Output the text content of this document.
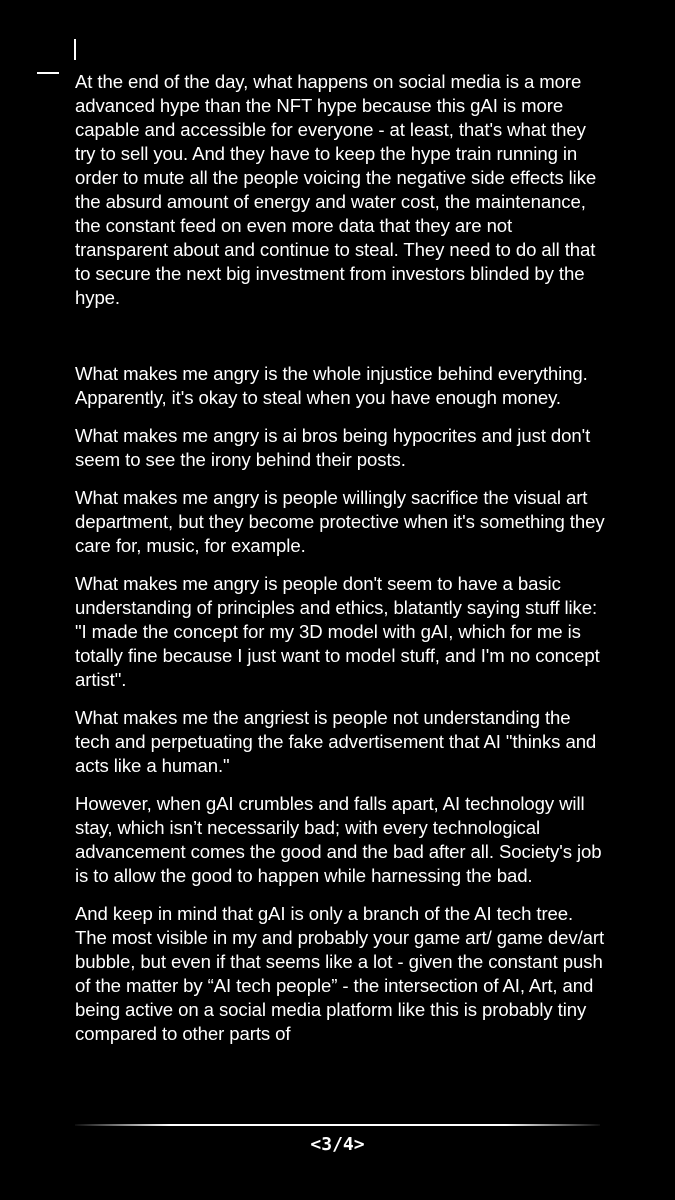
At the end of the day, what happens on social media is a more advanced hype than the NFT hype because this gAI is more capable and accessible for everyone - at least, that's what they try to sell you. And they have to keep the hype train running in order to mute all the people voicing the negative side effects like the absurd amount of energy and water cost, the maintenance, the constant feed on even more data that they are not transparent about and continue to steal. They need to do all that to secure the next big investment from investors blinded by the hype.

What makes me angry is the whole injustice behind everything. Apparently, it's okay to steal when you have enough money.

What makes me angry is ai bros being hypocrites and just don't seem to see the irony behind their posts.

What makes me angry is people willingly sacrifice the visual art department, but they become protective when it's something they care for, music, for example.

What makes me angry is people don't seem to have a basic understanding of principles and ethics, blatantly saying stuff like: "I made the concept for my 3D model with gAI, which for me is totally fine because I just want to model stuff, and I'm no concept artist".

What makes me the angriest is people not understanding the tech and perpetuating the fake advertisement that AI "thinks and acts like a human."

However, when gAI crumbles and falls apart, AI technology will stay, which isn’t necessarily bad; with every technological advancement comes the good and the bad after all. Society's job is to allow the good to happen while harnessing the bad.

And keep in mind that gAI is only a branch of the AI tech tree. The most visible in my and probably your game art/ game dev/art bubble, but even if that seems like a lot - given the constant push of the matter by “AI tech people” - the intersection of AI, Art, and being active on a social media platform like this is probably tiny compared to other parts of

<3/4>
